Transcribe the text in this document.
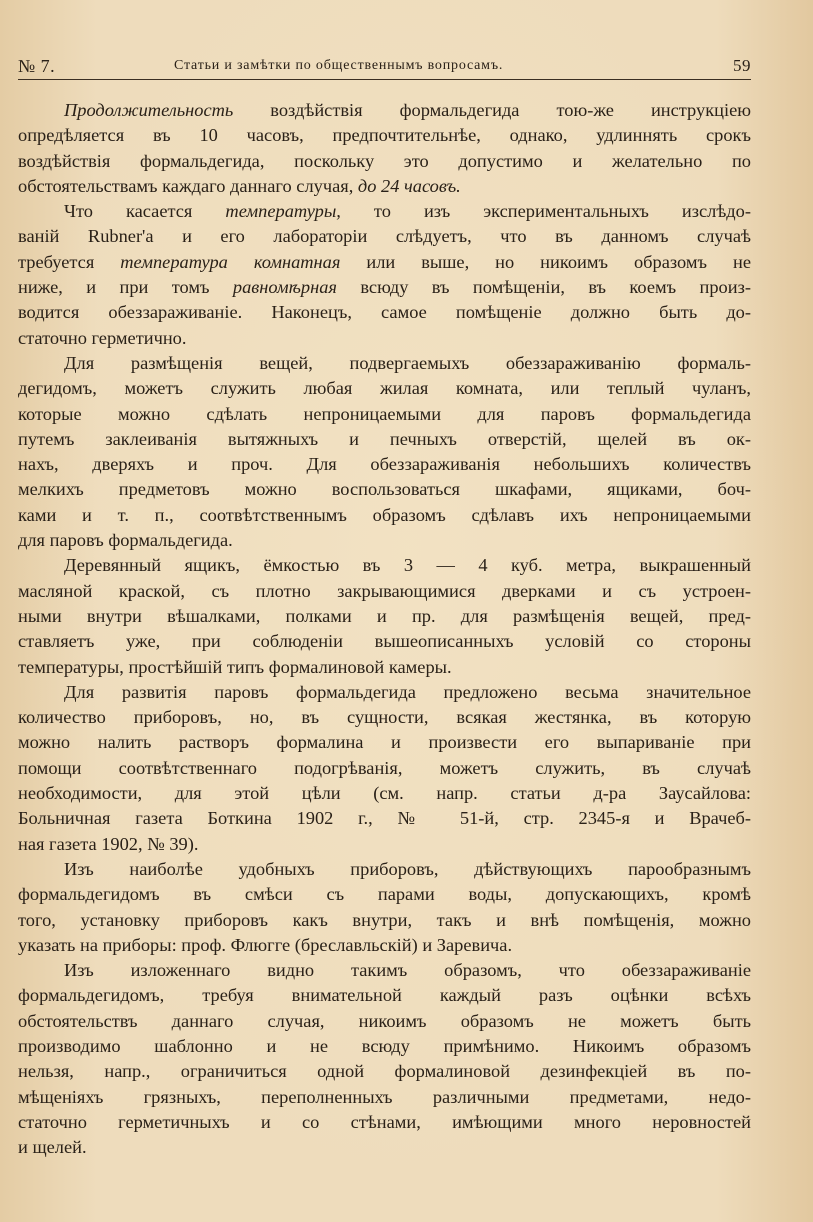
№ 7.	Статьи и замѣтки по общественнымъ вопросамъ.	59
Продолжительность воздѣйствія формальдегида тою-же инструкціею
опредѣляется въ 10 часовъ, предпочтительнѣе, однако, удлиннять срокъ
воздѣйствія формальдегида, поскольку это допустимо и желательно по
обстоятельствамъ каждаго даннаго случая, до 24 часовъ.
Что касается температуры, то изъ экспериментальныхъ изслѣдо-
ваній Rubner'а и его лабораторіи слѣдуетъ, что въ данномъ случаѣ
требуется температура комнатная или выше, но никоимъ образомъ не
ниже, и при томъ равномѣрная всюду въ помѣщеніи, въ коемъ произ-
водится обеззараживаніе. Наконецъ, самое помѣщеніе должно быть до-
статочно герметично.
Для размѣщенія вещей, подвергаемыхъ обеззараживанію формаль-
дегидомъ, можетъ служить любая жилая комната, или теплый чуланъ,
которые можно сдѣлать непроницаемыми для паровъ формальдегида
путемъ заклеиванія вытяжныхъ и печныхъ отверстій, щелей въ ок-
нахъ, дверяхъ и проч. Для обеззараживанія небольшихъ количествъ
мелкихъ предметовъ можно воспользоваться шкафами, ящиками, боч-
ками и т. п., соотвѣтственнымъ образомъ сдѣлавъ ихъ непроницаемыми
для паровъ формальдегида.
Деревянный ящикъ, ёмкостью въ 3 — 4 куб. метра, выкрашенный
масляной краской, съ плотно закрывающимися дверками и съ устроен-
ными внутри вѣшалками, полками и пр. для размѣщенія вещей, пред-
ставляетъ уже, при соблюденіи вышеописанныхъ условій со стороны
температуры, простѣйшій типъ формалиновой камеры.
Для развитія паровъ формальдегида предложено весьма значительное
количество приборовъ, но, въ сущности, всякая жестянка, въ которую
можно налить растворъ формалина и произвести его выпариваніе при
помощи соотвѣтственнаго подогрѣванія, можетъ служить, въ случаѣ
необходимости, для этой цѣли (см. напр. статьи д-ра Заусайлова:
Больничная газета Боткина 1902 г., № 51-й, стр. 2345-я и Врачеб-
ная газета 1902, № 39).
Изъ наиболѣе удобныхъ приборовъ, дѣйствующихъ парообразнымъ
формальдегидомъ въ смѣси съ парами воды, допускающихъ, кромѣ
того, установку приборовъ какъ внутри, такъ и внѣ помѣщенія, можно
указать на приборы: проф. Флюгге (бреславльскій) и Заревича.
Изъ изложеннаго видно такимъ образомъ, что обеззараживаніе
формальдегидомъ, требуя внимательной каждый разъ оцѣнки всѣхъ
обстоятельствъ даннаго случая, никоимъ образомъ не можетъ быть
производимо шаблонно и не всюду примѣнимо. Никоимъ образомъ
нельзя, напр., ограничиться одной формалиновой дезинфекціей въ по-
мѣщеніяхъ грязныхъ, переполненныхъ различными предметами, недо-
статочно герметичныхъ и со стѣнами, имѣющими много неровностей
и щелей.
